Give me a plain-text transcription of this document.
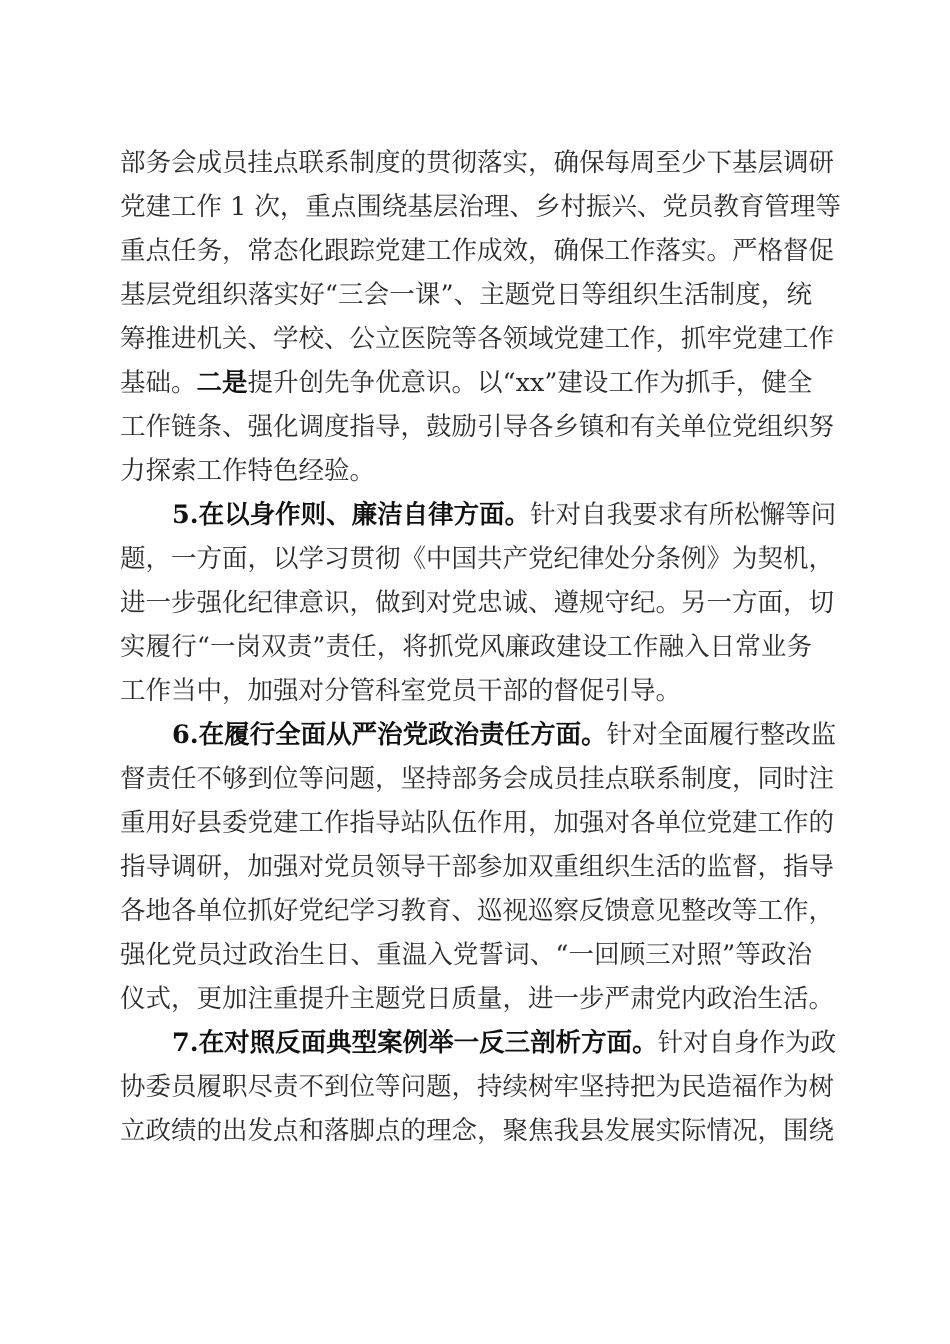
部务会成员挂点联系制度的贯彻落实，确保每周至少下基层调研
党建工作 1 次，重点围绕基层治理、乡村振兴、党员教育管理等
重点任务，常态化跟踪党建工作成效，确保工作落实。严格督促
基层党组织落实好“三会一课”、主题党日等组织生活制度，统
筹推进机关、学校、公立医院等各领域党建工作，抓牢党建工作
基础。二是提升创先争优意识。以“xx”建设工作为抓手，健全
工作链条、强化调度指导，鼓励引导各乡镇和有关单位党组织努
力探索工作特色经验。
5.在以身作则、廉洁自律方面。针对自我要求有所松懈等问
题，一方面，以学习贯彻《中国共产党纪律处分条例》为契机，
进一步强化纪律意识，做到对党忠诚、遵规守纪。另一方面，切
实履行“一岗双责”责任，将抓党风廉政建设工作融入日常业务
工作当中，加强对分管科室党员干部的督促引导。
6.在履行全面从严治党政治责任方面。针对全面履行整改监
督责任不够到位等问题，坚持部务会成员挂点联系制度，同时注
重用好县委党建工作指导站队伍作用，加强对各单位党建工作的
指导调研，加强对党员领导干部参加双重组织生活的监督，指导
各地各单位抓好党纪学习教育、巡视巡察反馈意见整改等工作，
强化党员过政治生日、重温入党誓词、“一回顾三对照”等政治
仪式，更加注重提升主题党日质量，进一步严肃党内政治生活。
7.在对照反面典型案例举一反三剖析方面。针对自身作为政
协委员履职尽责不到位等问题，持续树牢坚持把为民造福作为树
立政绩的出发点和落脚点的理念，聚焦我县发展实际情况，围绕
